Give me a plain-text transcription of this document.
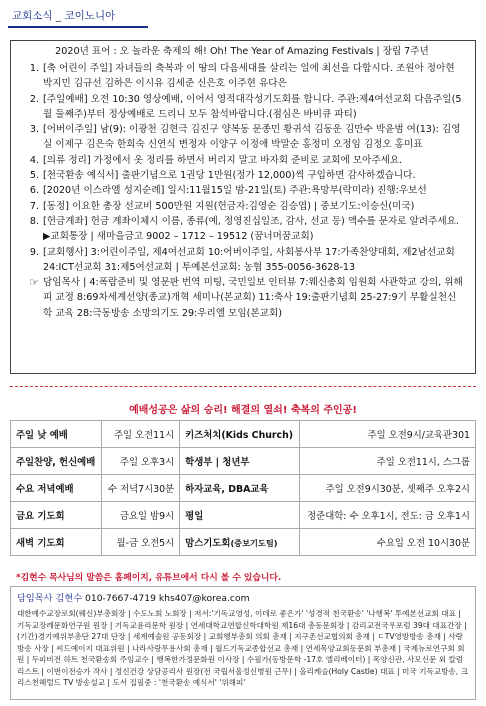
교회소식 _ 코이노니아
2020년 표어 : 오 놀라운 축제의 해! Oh! The Year of Amazing Festivals | 장립 7주년
1. [축 어린이 주일] 자녀들의 축복과 이 땅의 다음세대를 살리는 일에 최선을 다합시다. 조원아 정아현 박지민 김규선 김하은 이시유 김세준 신은호 이주현 유다은
2. [주일예배] 오전 10:30 영상예배, 이어서 영적대각성기도회를 합니다. 주관:제4여선교회 다음주일(5월 둘째주)부터 정상예배로 드리니 모두 참석바랍니다.(점심은 바비큐 파티)
3. [어버이주일] 남(9): 이광천 김현극 김진구 양복동 문종민 황귀석 김동운 김만수 박윤범 여(13): 김영실 이제구 김은숙 한희숙 신연식 변정자 이양구 이정애 박말순 홍정미 오정임 김정오 홍미표
4. [의류 정리] 가정에서 옷 정리를 하면서 버리지 말고 바자회 준비로 교회에 모아주세요.
5. [천국환송 예식서] 출판기념으로 1권당 1만원(정가 12,000)씩 구입하면 감사하겠습니다.
6. [2020년 이스라엘 성지순례] 일시:11월15일 밤-21일(토) 주관:욕망부(락미라) 진행:우보선
7. [동정] 이요한 총장 선교비 500만원 지원(헌금자:김영순 김승엽) | 중보기도:이승신(미국)
8. [헌금계좌] 헌금 계좌이체시 이름, 종류(예, 정영진십일조, 감사, 선교 등) 액수를 문자로 알려주세요. ▶교회통장 | 새마을금고 9002 – 1712 – 19512 (꿈너머꿈교회)
9. [교회행사] 3:어린이주일, 제4여선교회 10:어버이주일, 사회봉사부 17:가족찬양대회, 제2남선교회 24:ICT선교회 31:제5여선교회 | 투예본선교회: 농협 355-0056-3628-13
☞ 담임목사 | 4:폭람준비 및 영문판 번역 미팅, 국민일보 인터뷰 7:웨신총회 임원회 사관학교 강의, 위해피 교정 8:69차세계선양(종교)개혁 세미나(본교회) 11:축사 19:출판기념회 25-27:9기 부활실천신학 교육 28:극동방송 소망의기도 29:우리엘 모임(본교회)
예배성공은 삶의 승리! 해결의 열쇠! 축복의 주인공!
주일 낮 예배	주일 오전11시	키즈처치(Kids Church)	주일 오전9시/교육관301
주일찬양, 헌신예배	주일 오후3시	학생부 | 청년부	주일 오전11시, 스그룹
수요 저녁예배	수 저녁7시30분	하자교육, DBA교육	주일 오전9시30분, 셋째주 오후2시
금요 기도회	금요일 밤9시	평일	정준대학: 수 오후1시, 전도: 금 오후1시
새벽 기도회	월-금 오전5시	맘스기도회(중보기도팀)	수요일 오전 10시30분
*김현수 목사님의 말씀은 홈페이지, 유튜브에서 다시 볼 수 있습니다.
담임목사 김현수 010-7667-4719 khs407@korea.com
대한예수교장로회(웨신)부총회장 | 수도노회 노회장 | 저서:'기독교영성, 이데로 좋은가' '성경적 천국환송' '나행복' 투예본선교회 대표 | 기독교장례문화연구원 원장 | 기독교윤리문학 원장 | 연세대학교연합신학대학원 제16대 총동문회장 | 감리교전국우포럼 39대 대표간장 | (기간)경기예위부총단 27대 단장 | 세계예술원 공동회장 | 교회행부총회 의회 총재 | 지구촌선교협의회 총재 | ㄷTV영방방송 총재 | 사랑방송 사장 | 씨드예이지 대표위원 | 나라사랑무용사회 총재 | 월드기독교종합선교 총재 | 연세목양교회동문회 부총재 | 국제뉴로연구회 회원 | 두피비전 하트 천국환송회 주임교수 | 행복한가정문화원 이사장 | 수필가(동방문학 -17호 엘리베이터) | 목양신관, 사모신문 외 칼럼리스트 | 이번이전승가 작사 | 정신건강 상담공리사 원장(전 국립서울정신병원 근무) | 올리케슬(Holy Castle) 대표 | 미국 기독교방송, 크리스천헤럴드 TV 방송설교 | 도서 집필중 : '천국환송 예식서' '위해피'
